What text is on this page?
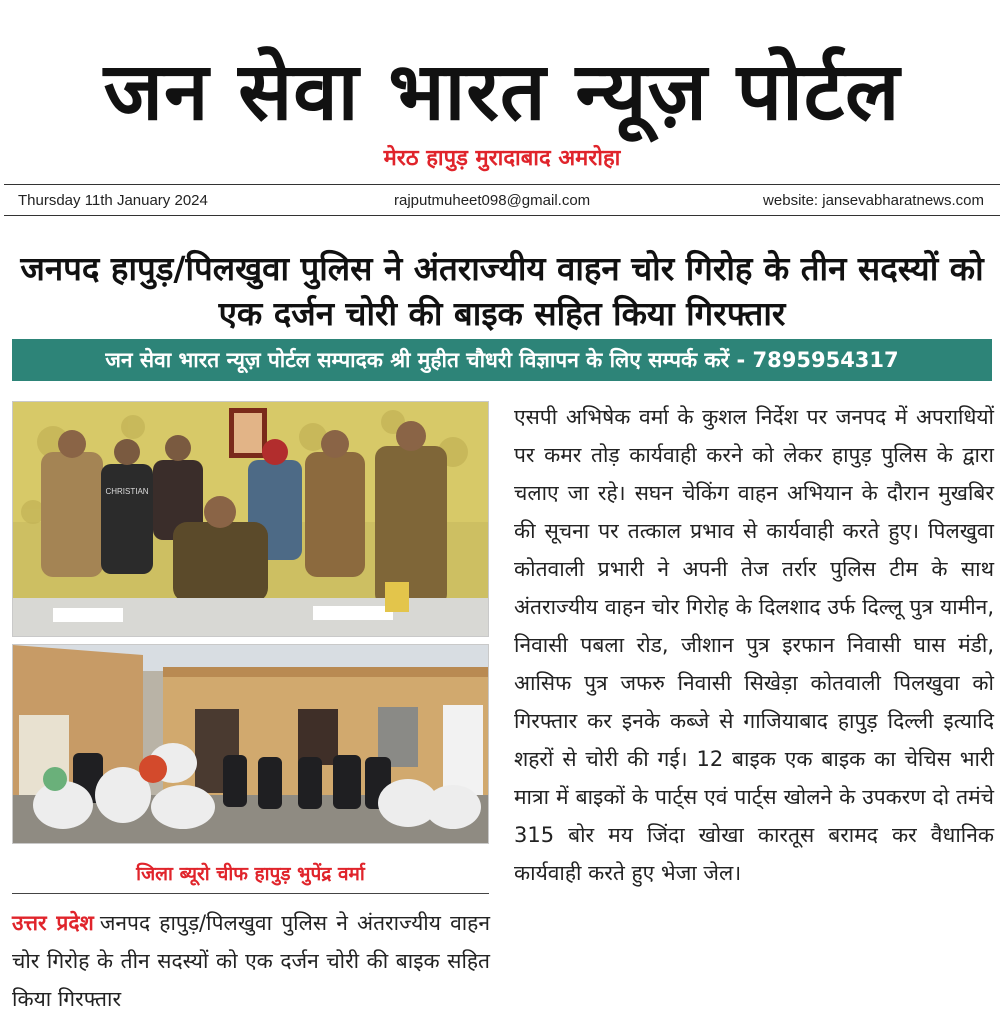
जन सेवा भारत न्यूज़ पोर्टल
मेरठ हापुड़ मुरादाबाद अमरोहा
Thursday 11th January 2024	rajputmuheet098@gmail.com	website: jansevabharatnews.com
जनपद हापुड़/पिलखुवा पुलिस ने अंतराज्यीय वाहन चोर गिरोह के तीन सदस्यों को एक दर्जन चोरी की बाइक सहित किया गिरफ्तार
जन सेवा भारत न्यूज़ पोर्टल सम्पादक श्री मुहीत चौधरी विज्ञापन के लिए सम्पर्क करें - 7895954317
CHRISTIAN
जिला ब्यूरो चीफ हापुड़ भुपेंद्र वर्मा
उत्तर प्रदेश जनपद हापुड़/पिलखुवा पुलिस ने अंतराज्यीय वाहन चोर गिरोह के तीन सदस्यों को एक दर्जन चोरी की बाइक सहित किया गिरफ्तार
एसपी अभिषेक वर्मा के कुशल निर्देश पर जनपद में अपराधियों पर कमर तोड़ कार्यवाही करने को लेकर हापुड़ पुलिस के द्वारा चलाए जा रहे। सघन चेकिंग वाहन अभियान के दौरान मुखबिर की सूचना पर तत्काल प्रभाव से कार्यवाही करते हुए। पिलखुवा कोतवाली प्रभारी ने अपनी तेज तर्रार पुलिस टीम के साथ अंतराज्यीय वाहन चोर गिरोह के दिलशाद उर्फ दिल्लू पुत्र यामीन, निवासी पबला रोड, जीशान पुत्र इरफान निवासी घास मंडी, आसिफ पुत्र जफरु निवासी सिखेड़ा कोतवाली पिलखुवा को गिरफ्तार कर इनके कब्जे से गाजियाबाद हापुड़ दिल्ली इत्यादि शहरों से चोरी की गई। 12 बाइक एक बाइक का चेचिस भारी मात्रा में बाइकों के पार्ट्स एवं पार्ट्स खोलने के उपकरण दो तमंचे 315 बोर मय जिंदा खोखा कारतूस बरामद कर वैधानिक कार्यवाही करते हुए भेजा जेल।
